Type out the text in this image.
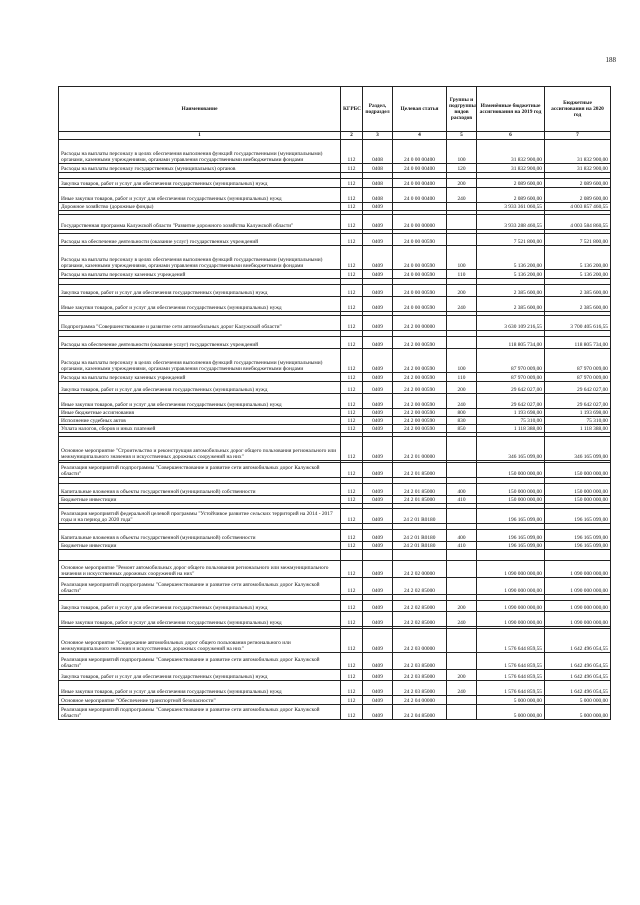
188
Наименование	КГРБС	Раздел, подраздел	Целевая статья	Группы и подгруппы видов расходов	Изменённые бюджетные ассигнования на 2019 год	Бюджетные ассигнования на 2020 год
1	2	3	4	5	6	7
Расходы на выплаты персоналу в целях обеспечения выполнения функций государственными (муниципальными) органами, казенными учреждениями, органами управления государственными внебюджетными фондами	112	0408	24 0 00 00400	100	31 832 900,00	31 832 900,00
Расходы на выплаты персоналу государственных (муниципальных) органов	112	0408	24 0 00 00400	120	31 832 900,00	31 832 900,00

Закупка товаров, работ и услуг для обеспечения государственных (муниципальных) нужд	112	0408	24 0 00 00400	200	2 089 600,00	2 089 600,00
Иные закупки товаров, работ и услуг для обеспечения государственных (муниципальных) нужд	112	0408	24 0 00 00400	240	2 089 600,00	2 089 600,00
Дорожное хозяйство (дорожные фонды)	112	0409			3 933 361 060,55	4 003 857 460,55

Государственная программа Калужской области "Развитие дорожного хозяйства Калужской области"	112	0409	24 0 00 00000		3 933 288 460,55	4 003 584 860,55

Расходы на обеспечение деятельности (оказание услуг) государственных учреждений	112	0409	24 0 00 00590		7 521 800,00	7 521 800,00
Расходы на выплаты персоналу в целях обеспечения выполнения функций государственными (муниципальными) органами, казенными учреждениями, органами управления государственными внебюджетными фондами	112	0409	24 0 00 00590	100	5 136 200,00	5 136 200,00
Расходы на выплаты персоналу казенных учреждений	112	0409	24 0 00 00590	110	5 136 200,00	5 136 200,00

Закупка товаров, работ и услуг для обеспечения государственных (муниципальных) нужд	112	0409	24 0 00 00590	200	2 385 600,00	2 385 600,00
Иные закупки товаров, работ и услуг для обеспечения государственных (муниципальных) нужд	112	0409	24 0 00 00590	240	2 385 600,00	2 385 600,00

Подпрограмма "Совершенствование и развитие сети автомобильных дорог Калужской области"	112	0409	24 2 00 00000		3 630 109 216,55	3 700 405 616,55

Расходы на обеспечение деятельности (оказание услуг) государственных учреждений	112	0409	24 2 00 00590		118 805 734,00	118 805 734,00
Расходы на выплаты персоналу в целях обеспечения выполнения функций государственными (муниципальными) органами, казенными учреждениями, органами управления государственными внебюджетными фондами	112	0409	24 2 00 00590	100	87 970 009,00	87 970 009,00
Расходы на выплаты персоналу казенных учреждений	112	0409	24 2 00 00590	110	87 970 009,00	87 970 009,00
Закупка товаров, работ и услуг для обеспечения государственных (муниципальных) нужд	112	0409	24 2 00 00590	200	29 642 027,00	29 642 027,00
Иные закупки товаров, работ и услуг для обеспечения государственных (муниципальных) нужд	112	0409	24 2 00 00590	240	29 642 027,00	29 642 027,00
Иные бюджетные ассигнования	112	0409	24 2 00 00590	800	1 193 698,00	1 193 698,00
Исполнение судебных актов	112	0409	24 2 00 00590	830	75 310,00	75 310,00
Уплата налогов, сборов и иных платежей	112	0409	24 2 00 00590	850	1 118 388,00	1 118 388,00

Основное мероприятие "Строительство и реконструкция автомобильных дорог общего пользования регионального или межмуниципального значения и искусственных дорожных сооружений на них"	112	0409	24 2 01 00000		346 165 099,00	346 165 099,00

Реализация мероприятий подпрограммы "Совершенствование и развитие сети автомобильных дорог Калужской области"	112	0409	24 2 01 85000		150 000 000,00	150 000 000,00

Капитальные вложения в объекты государственной (муниципальной) собственности	112	0409	24 2 01 85000	400	150 000 000,00	150 000 000,00
Бюджетные инвестиции	112	0409	24 2 01 85000	410	150 000 000,00	150 000 000,00

Реализация мероприятий федеральной целевой программы "Устойчивое развитие сельских территорий на 2014 - 2017 годы и на период до 2020 года"	112	0409	24 2 01 R0180		196 165 099,00	196 165 099,00

Капитальные вложения в объекты государственной (муниципальной) собственности	112	0409	24 2 01 R0180	400	196 165 099,00	196 165 099,00
Бюджетные инвестиции	112	0409	24 2 01 R0180	410	196 165 099,00	196 165 099,00

Основное мероприятие "Ремонт автомобильных дорог общего пользования регионального или межмуниципального значения и искусственных дорожных сооружений на них"	112	0409	24 2 02 00000		1 090 000 000,00	1 090 000 000,00
Реализация мероприятий подпрограммы "Совершенствование и развитие сети автомобильных дорог Калужской области"	112	0409	24 2 02 85000		1 090 000 000,00	1 090 000 000,00

Закупка товаров, работ и услуг для обеспечения государственных (муниципальных) нужд	112	0409	24 2 02 85000	200	1 090 000 000,00	1 090 000 000,00
Иные закупки товаров, работ и услуг для обеспечения государственных (муниципальных) нужд	112	0409	24 2 02 85000	240	1 090 000 000,00	1 090 000 000,00

Основное мероприятие "Содержание автомобильных дорог общего пользования регионального или межмуниципального значения и искусственных дорожных сооружений на них"	112	0409	24 2 03 00000		1 576 644 859,55	1 642 496 054,55
Реализация мероприятий подпрограммы "Совершенствование и развитие сети автомобильных дорог Калужской области"	112	0409	24 2 03 85000		1 576 644 859,55	1 642 496 054,55
Закупка товаров, работ и услуг для обеспечения государственных (муниципальных) нужд	112	0409	24 2 03 85000	200	1 576 644 859,55	1 642 496 054,55
Иные закупки товаров, работ и услуг для обеспечения государственных (муниципальных) нужд	112	0409	24 2 03 85000	240	1 576 644 859,55	1 642 496 054,55
Основное мероприятие "Обеспечение транспортной безопасности"	112	0409	24 2 04 00000		5 000 000,00	5 000 000,00
Реализация мероприятий подпрограммы "Совершенствование и развитие сети автомобильных дорог Калужской области"	112	0409	24 2 04 85000		5 000 000,00	5 000 000,00
